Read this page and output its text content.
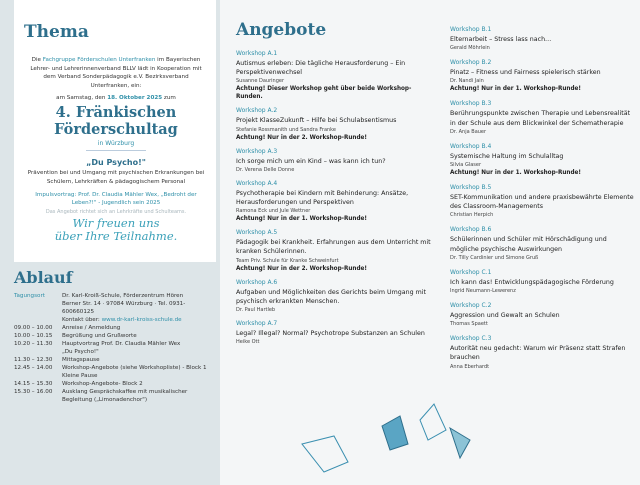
Thema

Die Fachgruppe Förderschulen Unterfranken im Bayerischen Lehrer- und Lehrerinnenverband BLLV lädt in Kooperation mit dem Verband Sonderpädagogik e.V. Bezirksverband Unterfranken, ein:

am Samstag, den 18. Oktober 2025 zum

4. Fränkischen Förderschultag
in Würzburg
„Du Psycho!"

Prävention bei und Umgang mit psychischen Erkrankungen bei Schülern, Lehrkräften & pädagogischem Personal

Impulsvortrag: Prof. Dr. Claudia Mähler Wex, „Bedroht der Leben?!" - Jugendlich sein 2025

Das Angebot richtet sich an Lehrkräfte und Schulteams.

Wir freuen uns
über Ihre Teilnahme.
Ablauf
Tagungsort	Dr. Karl-Kroiß-Schule, Förderzentrum Hören
Berner Str. 14 · 97084 Würzburg · Tel. 0931-600660125
Kontakt über: www.dr-karl-kroiss-schule.de
09.00 – 10.00	Anreise / Anmeldung
10.00 – 10.15	Begrüßung und Grußworte
10.20 – 11.30	Hauptvortrag Prof. Dr. Claudia Mähler Wex
„Du Psycho!"
11.30 – 12.30	Mittagspause
12.45 – 14.00	Workshop-Angebote (siehe Workshopliste) - Block 1
Kleine Pause
14.15 – 15.30	Workshop-Angebote- Block 2
15.30 – 16.00	Ausklang Gesprächskaffee mit musikalischer
Begleitung („Limonadenchor")
Angebote
Workshop A.1
Autismus erleben: Die tägliche Herausforderung – Ein Perspektivenwechsel
Susanne Dauringer
Achtung! Dieser Workshop geht über beide Workshop-Runden.
Workshop A.2
Projekt KlasseZukunft – Hilfe bei Schulabsentismus
Stefanie Rossmanith und Sandra Franke
Achtung! Nur in der 2. Workshop-Runde!
Workshop A.3
Ich sorge mich um ein Kind – was kann ich tun?
Dr. Verena Delle Donne
Workshop A.4
Psychotherapie bei Kindern mit Behinderung: Ansätze, Herausforderungen und Perspektiven
Ramona Eck und Jule Wettner
Achtung! Nur in der 1. Workshop-Runde!
Workshop A.5
Pädagogik bei Krankheit. Erfahrungen aus dem Unterricht mit kranken Schülerinnen.
Team Priv. Schule für Kranke Schweinfurt
Achtung! Nur in der 2. Workshop-Runde!
Workshop A.6
Aufgaben und Möglichkeiten des Gerichts beim Umgang mit psychisch erkrankten Menschen.
Dr. Paul Hartleb
Workshop A.7
Legal? Illegal? Normal? Psychotrope Substanzen an Schulen
Heike Ott
Workshop B.1
Elternarbeit – Stress lass nach…
Gerald Möhrlein
Workshop B.2
Pinatz – Fitness und Fairness spielerisch stärken
Dr. Nandi Jain
Achtung! Nur in der 1. Workshop-Runde!
Workshop B.3
Berührungspunkte zwischen Therapie und Lebensrealität in der Schule aus dem Blickwinkel der Schematherapie
Dr. Anja Bauer
Workshop B.4
Systemische Haltung im Schulalltag
Silvia Glaser
Achtung! Nur in der 1. Workshop-Runde!
Workshop B.5
SET-Kommunikation und andere praxisbewährte Elemente des Classroom-Managements
Christian Herpich
Workshop B.6
Schülerinnen und Schüler mit Hörschädigung und mögliche psychische Auswirkungen
Dr. Tilly Cardinier und Simone Gruß
Workshop C.1
Ich kann das! Entwicklungspädagogische Förderung
Ingrid Neumann-Lewerenz
Workshop C.2
Aggression und Gewalt an Schulen
Thomas Spaett
Workshop C.3
Autorität neu gedacht: Warum wir Präsenz statt Strafen brauchen
Anna Eberhardt
